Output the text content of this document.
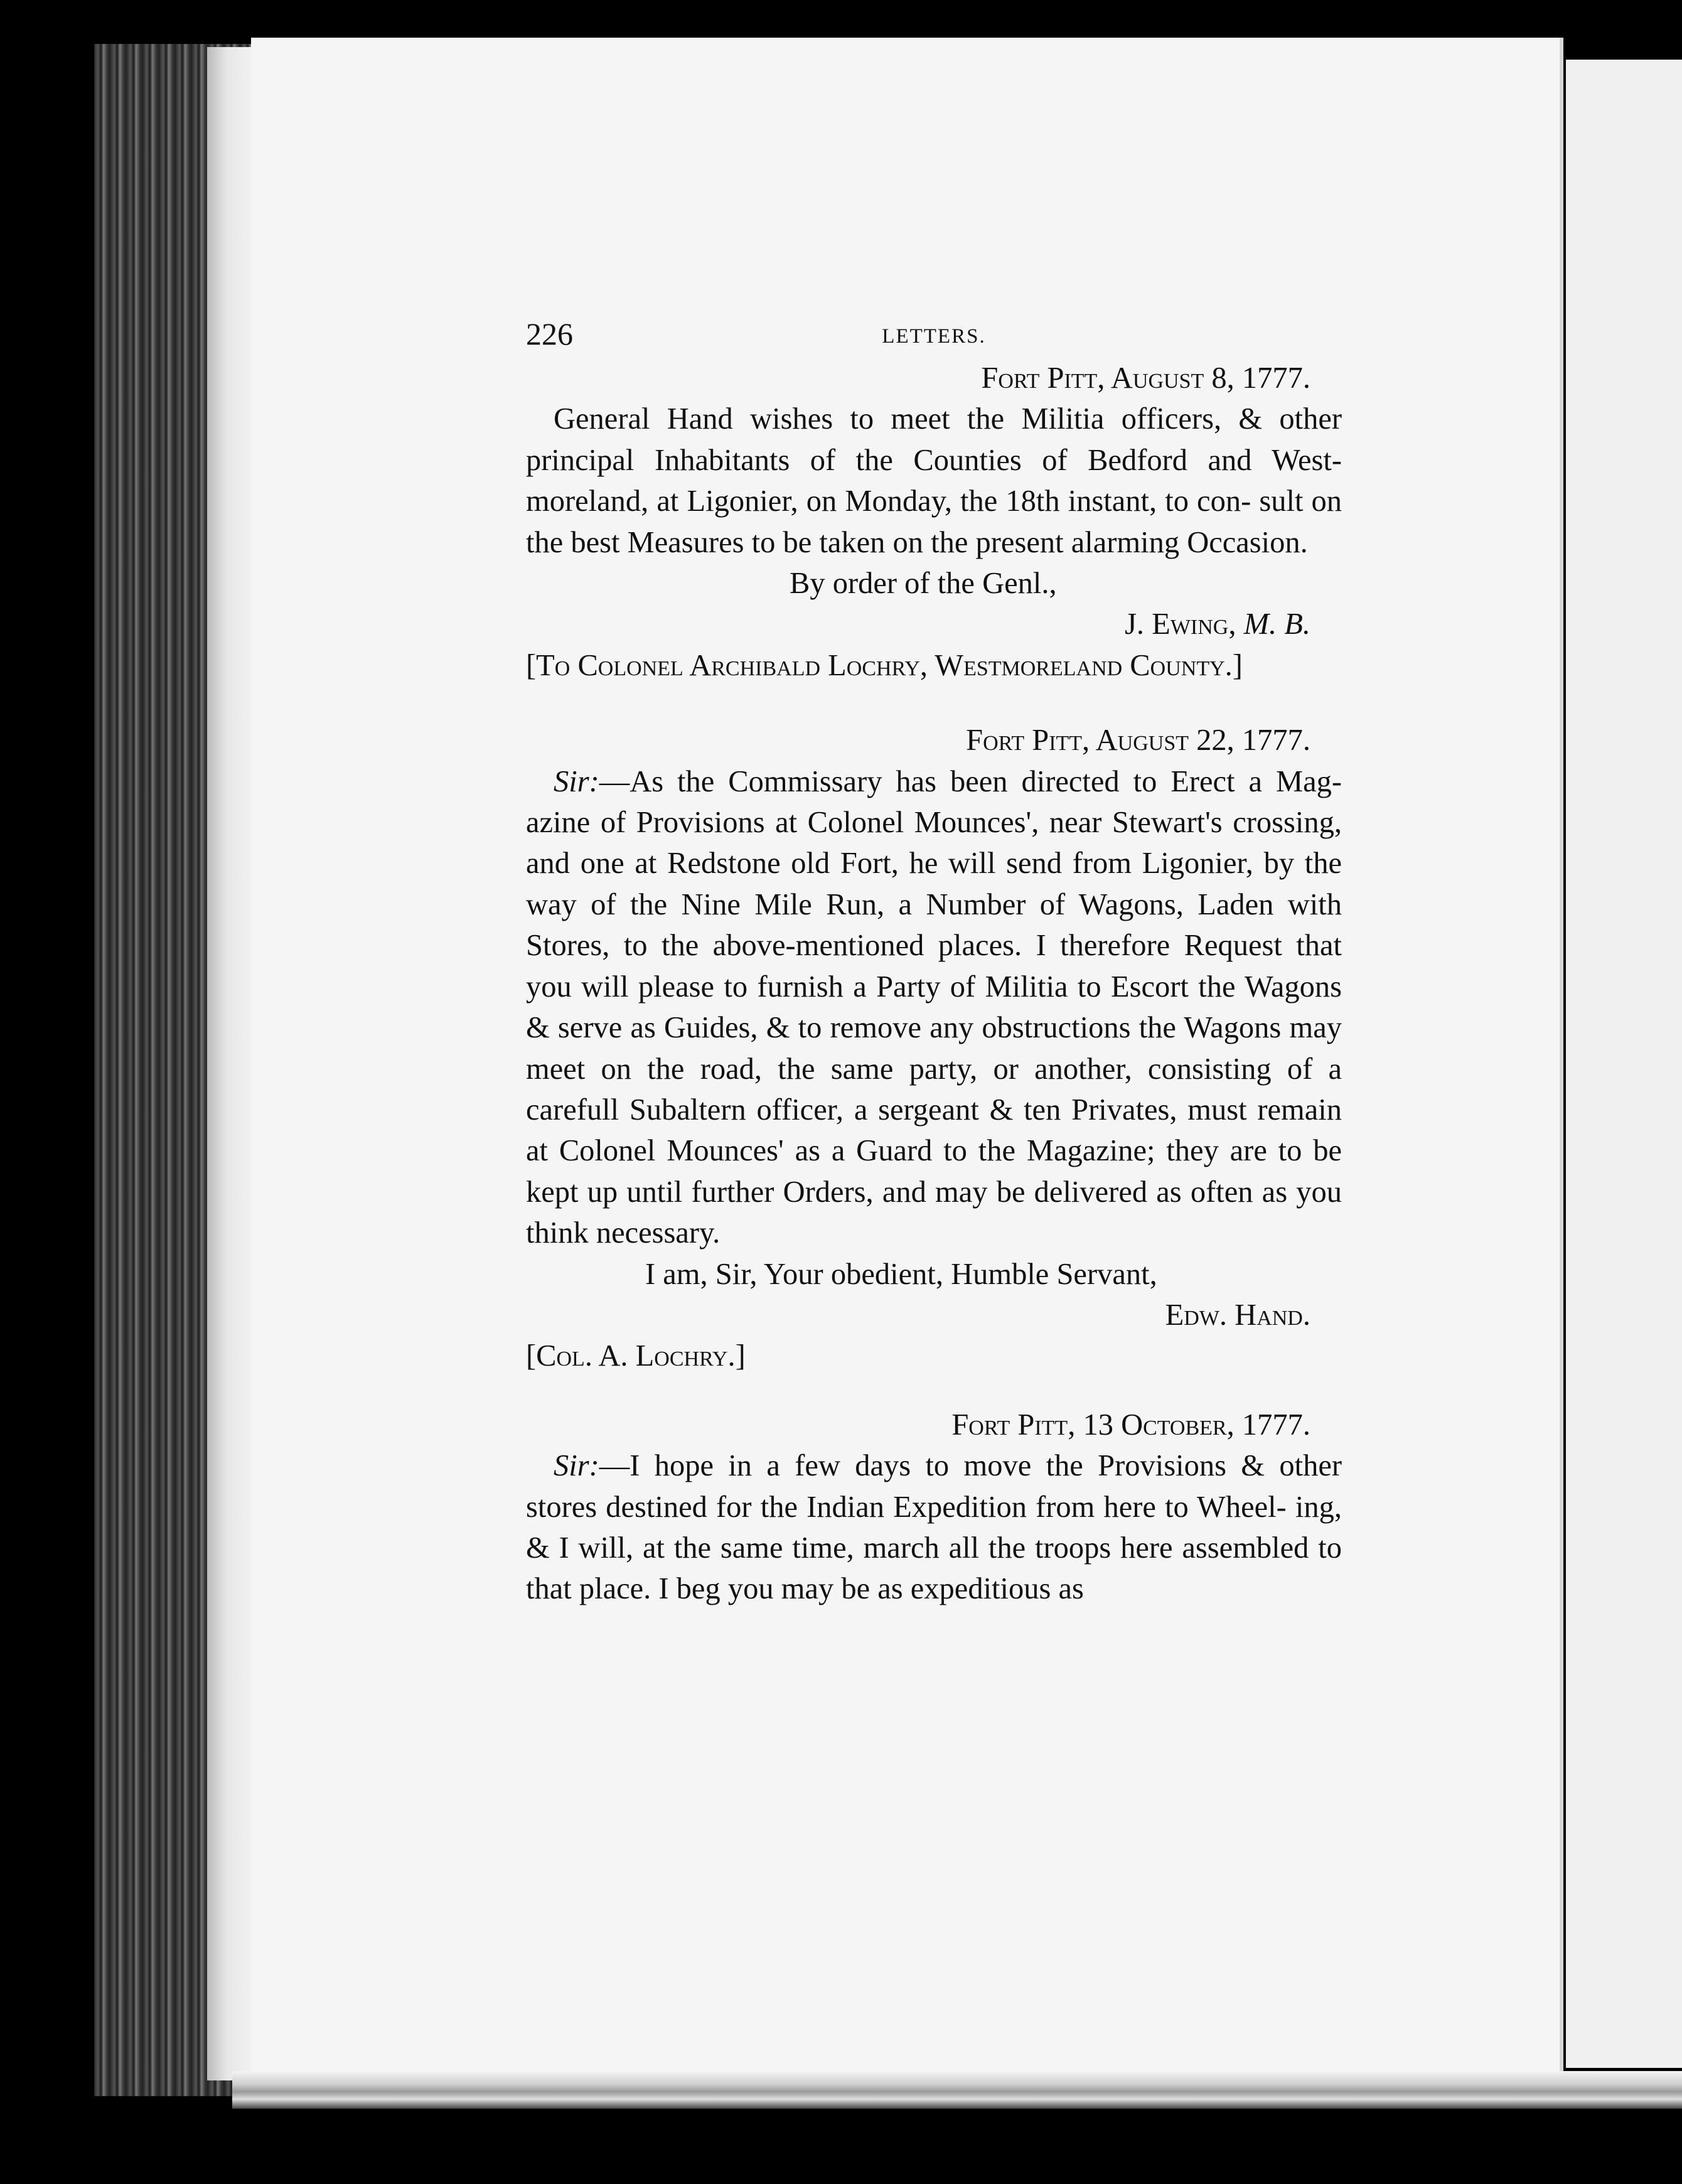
226	LETTERS.
Fort Pitt, August 8, 1777.
General Hand wishes to meet the Militia officers, & other principal Inhabitants of the Counties of Bedford and West- moreland, at Ligonier, on Monday, the 18th instant, to con- sult on the best Measures to be taken on the present alarming Occasion.
By order of the Genl.,
J. Ewing, M. B.
[To Colonel Archibald Lochry, Westmoreland County.]
Fort Pitt, August 22, 1777.
Sir:—As the Commissary has been directed to Erect a Mag- azine of Provisions at Colonel Mounces', near Stewart's crossing, and one at Redstone old Fort, he will send from Ligonier, by the way of the Nine Mile Run, a Number of Wagons, Laden with Stores, to the above-mentioned places. I therefore Request that you will please to furnish a Party of Militia to Escort the Wagons & serve as Guides, & to remove any obstructions the Wagons may meet on the road, the same party, or another, consisting of a carefull Subaltern officer, a sergeant & ten Privates, must remain at Colonel Mounces' as a Guard to the Magazine; they are to be kept up until further Orders, and may be delivered as often as you think necessary.
I am, Sir, Your obedient, Humble Servant,
Edw. Hand.
[Col. A. Lochry.]
Fort Pitt, 13 October, 1777.
Sir:—I hope in a few days to move the Provisions & other stores destined for the Indian Expedition from here to Wheel- ing, & I will, at the same time, march all the troops here assembled to that place. I beg you may be as expeditious as
